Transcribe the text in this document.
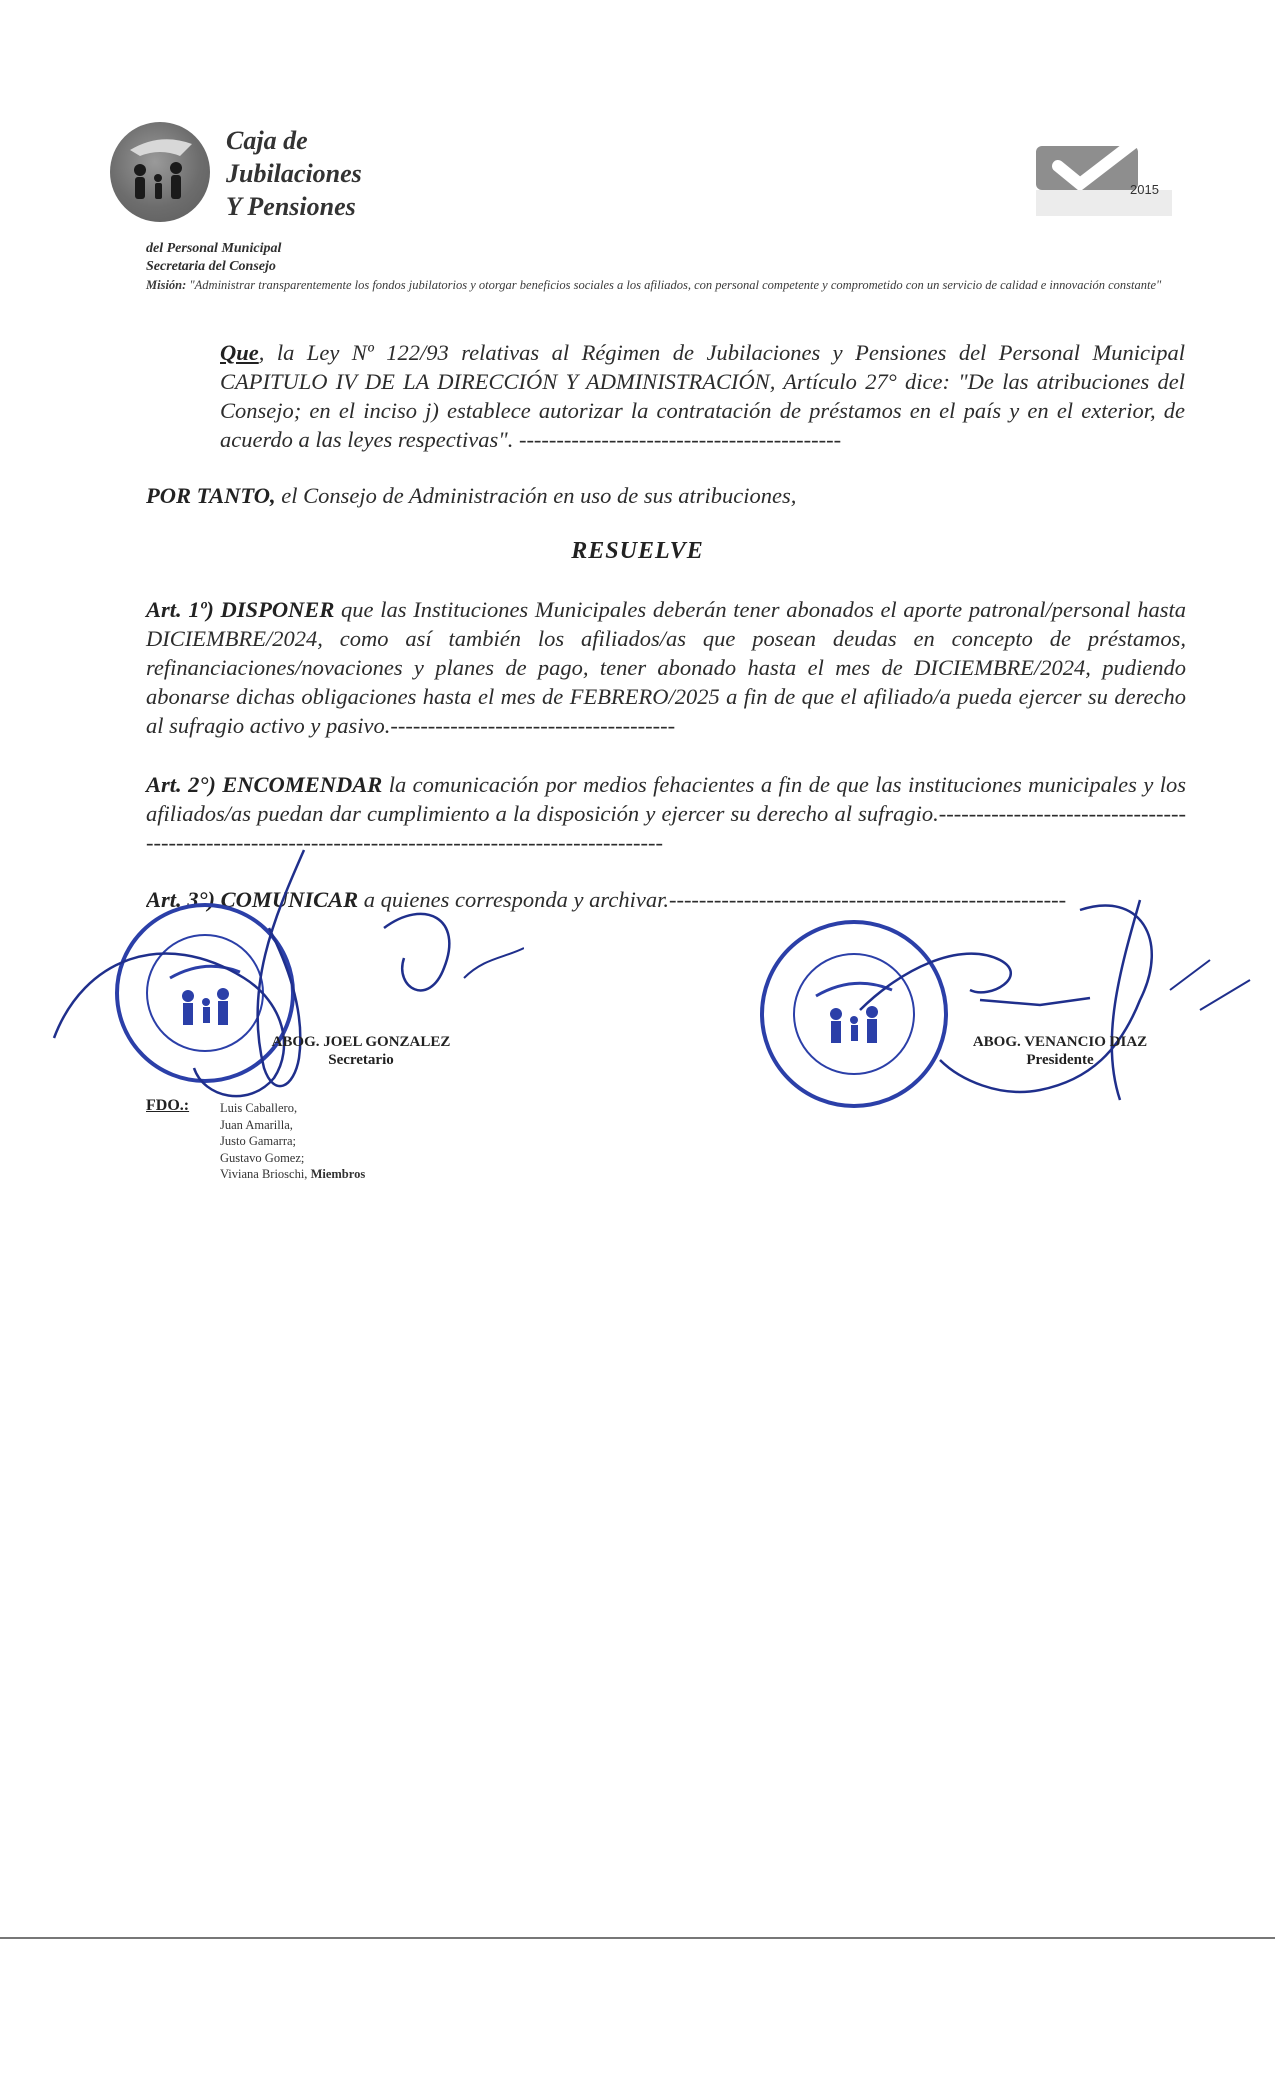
Caja de
Jubilaciones
Y Pensiones
del Personal Municipal
Secretaria del Consejo
Misión: "Administrar transparentemente los fondos jubilatorios y otorgar beneficios sociales a los afiliados, con personal competente y comprometido con un servicio de calidad e innovación constante"
2015
Que, la Ley Nº 122/93 relativas al Régimen de Jubilaciones y Pensiones del Personal Municipal CAPITULO IV DE LA DIRECCIÓN Y ADMINISTRACIÓN, Artículo 27° dice: "De las atribuciones del Consejo; en el inciso j) establece autorizar la contratación de préstamos en el país y en el exterior, de acuerdo a las leyes respectivas". -------------------------------------------
POR TANTO, el Consejo de Administración en uso de sus atribuciones,
RESUELVE
Art. 1º) DISPONER que las Instituciones Municipales deberán tener abonados el aporte patronal/personal hasta DICIEMBRE/2024, como así también los afiliados/as que posean deudas en concepto de préstamos, refinanciaciones/novaciones y planes de pago, tener abonado hasta el mes de DICIEMBRE/2024, pudiendo abonarse dichas obligaciones hasta el mes de FEBRERO/2025 a fin de que el afiliado/a pueda ejercer su derecho al sufragio activo y pasivo.--------------------------------------
Art. 2°) ENCOMENDAR la comunicación por medios fehacientes a fin de que las instituciones municipales y los afiliados/as puedan dar cumplimiento a la disposición y ejercer su derecho al sufragio.------------------------------------------------------------------------------------------------------
Art. 3°) COMUNICAR a quienes corresponda y archivar.-----------------------------------------------------
ABOG. JOEL GONZALEZ
Secretario
ABOG. VENANCIO DIAZ
Presidente
FDO.: Luis Caballero,
Juan Amarilla,
Justo Gamarra;
Gustavo Gomez;
Viviana Brioschi, Miembros
